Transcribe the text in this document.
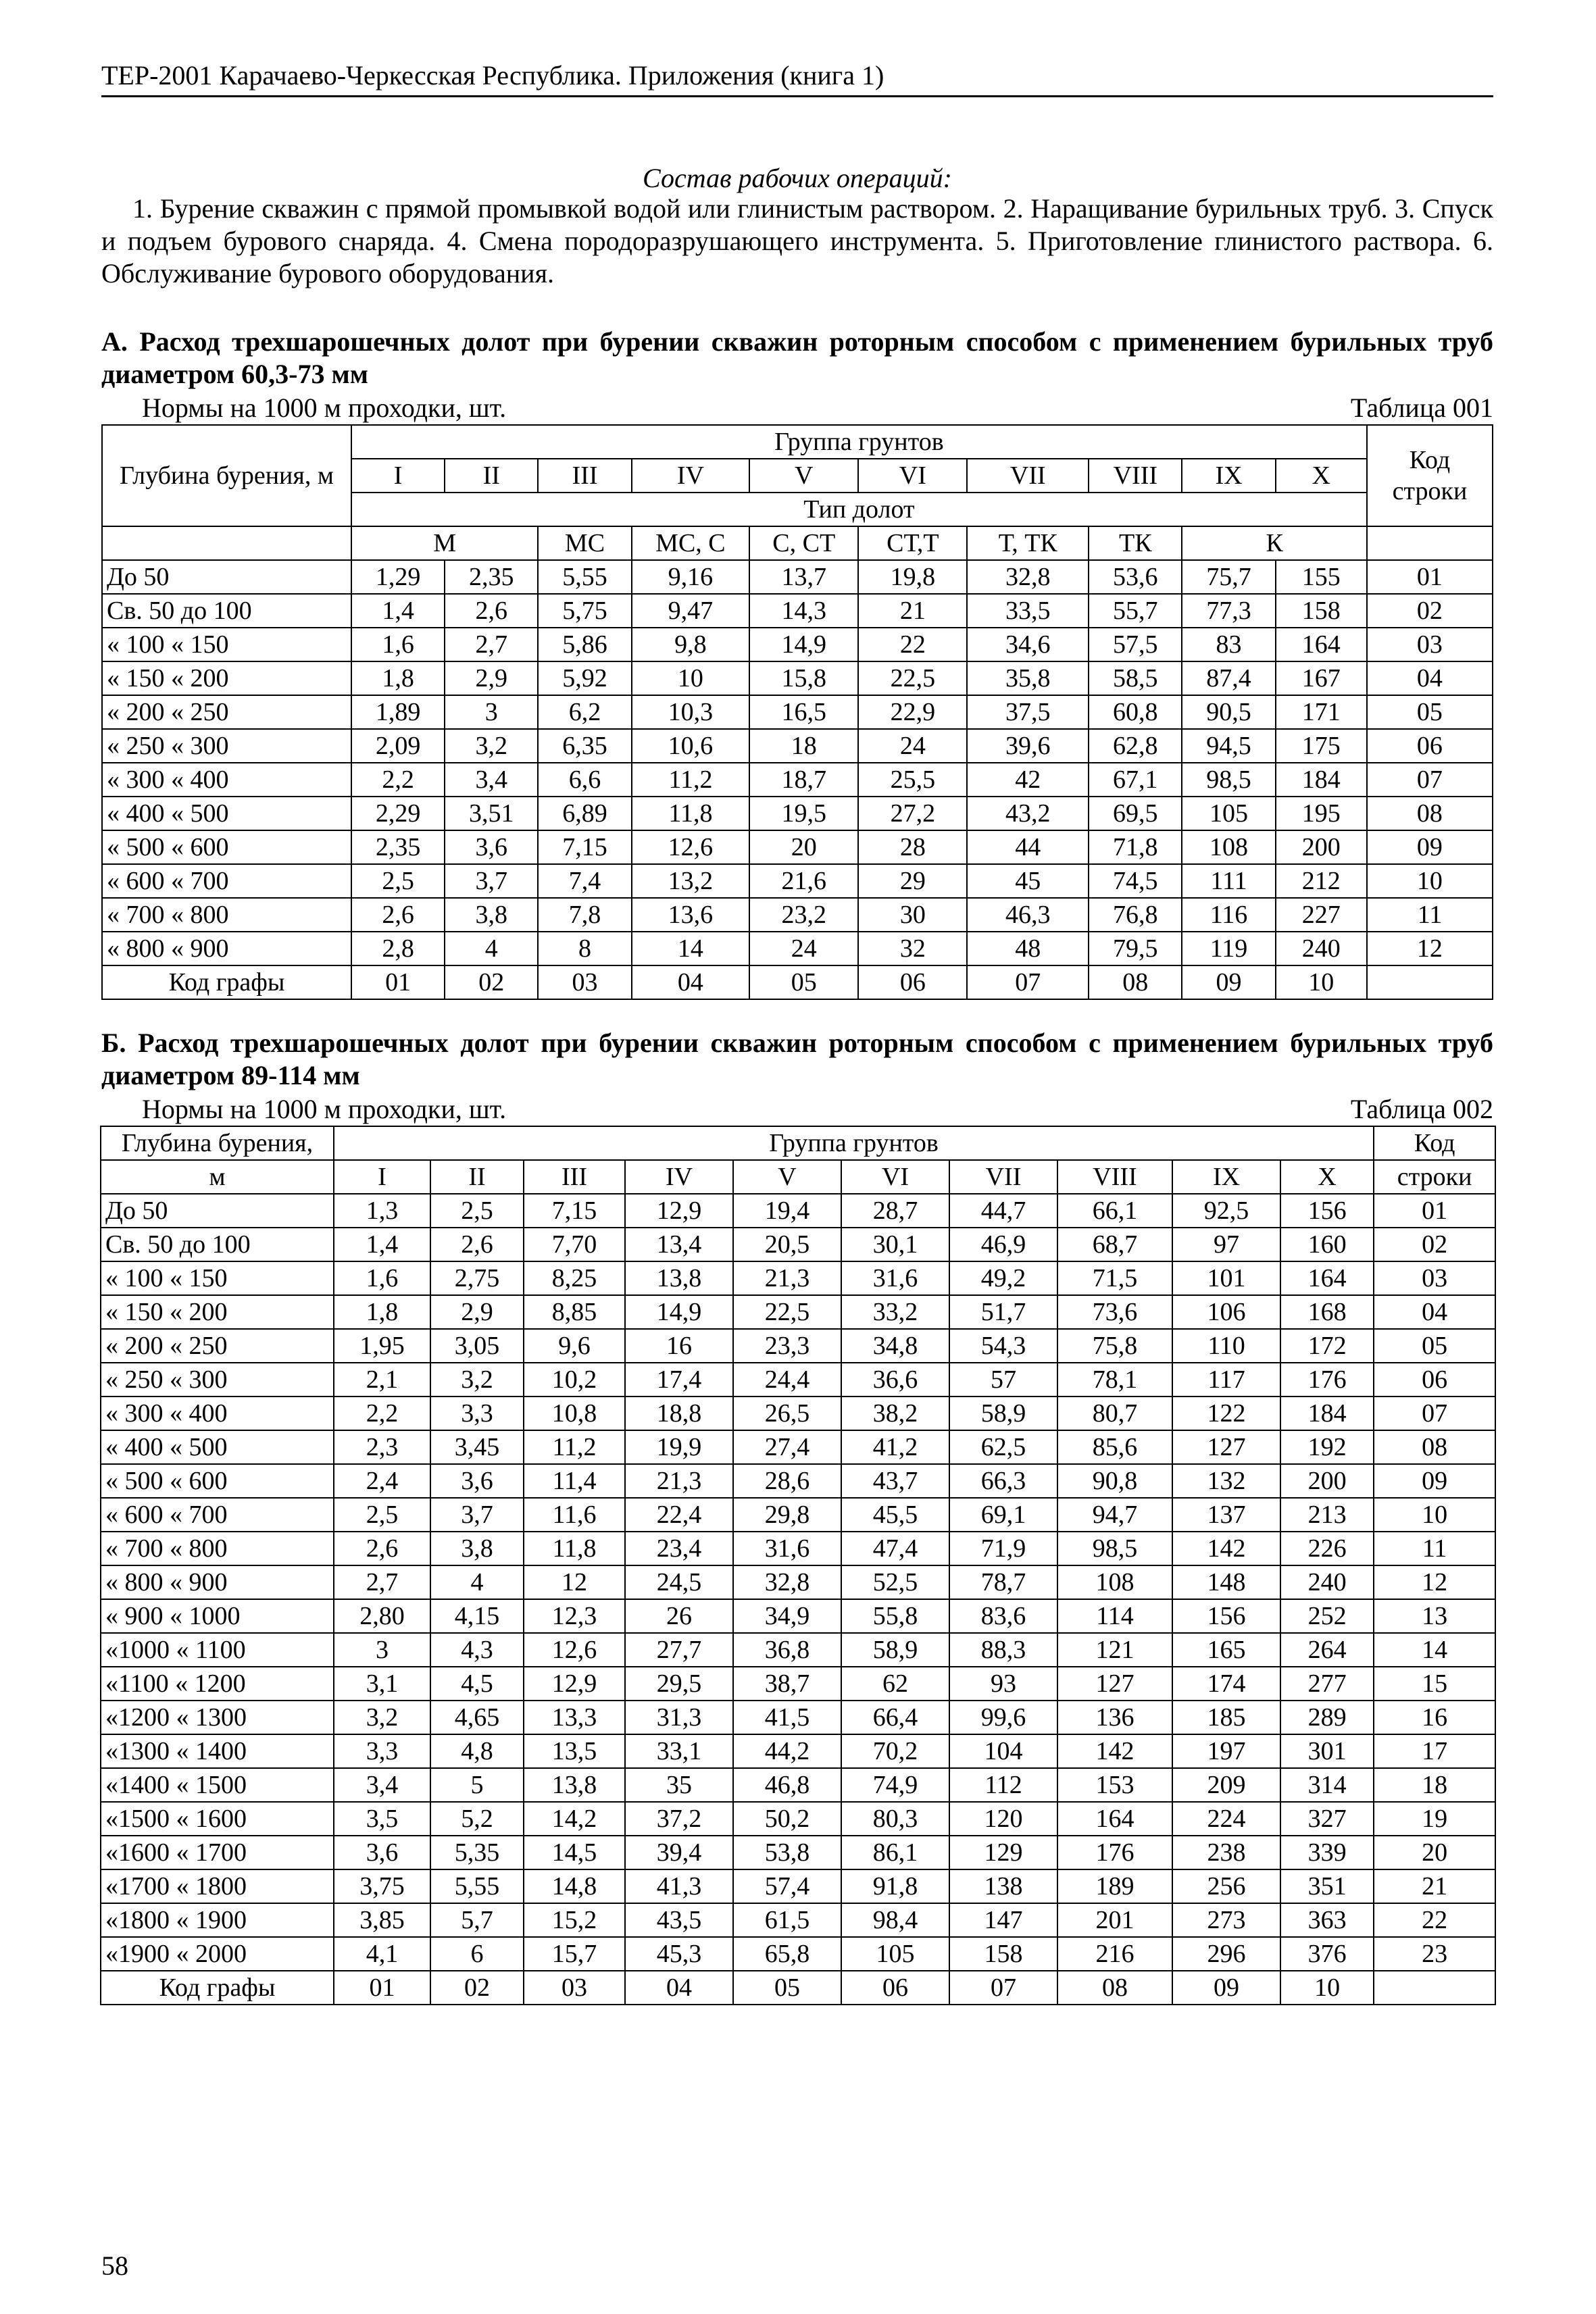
ТЕР-2001 Карачаево-Черкесская Республика. Приложения (книга 1)
Состав рабочих операций:
1. Бурение скважин с прямой промывкой водой или глинистым раствором. 2. Наращивание бурильных труб. 3. Спуск и подъем бурового снаряда. 4. Смена породоразрушающего инструмента. 5. Приготовление глинистого раствора. 6. Обслуживание бурового оборудования.
А. Расход трехшарошечных долот при бурении скважин роторным способом с применением бурильных труб диаметром 60,3-73 мм
Нормы на 1000 м проходки, шт.	Таблица 001
Глубина бурения, м	Группа грунтов										Код строки
	I	II	III	IV	V	VI	VII	VIII	IX	X	
	Тип долот										
	М		МС	МС, С	С, СТ	СТ,Т	Т, ТК	ТК	К		
До 50	1,29	2,35	5,55	9,16	13,7	19,8	32,8	53,6	75,7	155	01
Св. 50 до 100	1,4	2,6	5,75	9,47	14,3	21	33,5	55,7	77,3	158	02
« 100 « 150	1,6	2,7	5,86	9,8	14,9	22	34,6	57,5	83	164	03
« 150 « 200	1,8	2,9	5,92	10	15,8	22,5	35,8	58,5	87,4	167	04
« 200 « 250	1,89	3	6,2	10,3	16,5	22,9	37,5	60,8	90,5	171	05
« 250 « 300	2,09	3,2	6,35	10,6	18	24	39,6	62,8	94,5	175	06
« 300 « 400	2,2	3,4	6,6	11,2	18,7	25,5	42	67,1	98,5	184	07
« 400 « 500	2,29	3,51	6,89	11,8	19,5	27,2	43,2	69,5	105	195	08
« 500 « 600	2,35	3,6	7,15	12,6	20	28	44	71,8	108	200	09
« 600 « 700	2,5	3,7	7,4	13,2	21,6	29	45	74,5	111	212	10
« 700 « 800	2,6	3,8	7,8	13,6	23,2	30	46,3	76,8	116	227	11
« 800 « 900	2,8	4	8	14	24	32	48	79,5	119	240	12
Код графы	01	02	03	04	05	06	07	08	09	10	
Б. Расход трехшарошечных долот при бурении скважин роторным способом с применением бурильных труб диаметром 89-114 мм
Нормы на 1000 м проходки, шт.	Таблица 002
Глубина бурения,	Группа грунтов										Код
м	I	II	III	IV	V	VI	VII	VIII	IX	X	строки
До 50	1,3	2,5	7,15	12,9	19,4	28,7	44,7	66,1	92,5	156	01
Св. 50 до 100	1,4	2,6	7,70	13,4	20,5	30,1	46,9	68,7	97	160	02
« 100 « 150	1,6	2,75	8,25	13,8	21,3	31,6	49,2	71,5	101	164	03
« 150 « 200	1,8	2,9	8,85	14,9	22,5	33,2	51,7	73,6	106	168	04
« 200 « 250	1,95	3,05	9,6	16	23,3	34,8	54,3	75,8	110	172	05
« 250 « 300	2,1	3,2	10,2	17,4	24,4	36,6	57	78,1	117	176	06
« 300 « 400	2,2	3,3	10,8	18,8	26,5	38,2	58,9	80,7	122	184	07
« 400 « 500	2,3	3,45	11,2	19,9	27,4	41,2	62,5	85,6	127	192	08
« 500 « 600	2,4	3,6	11,4	21,3	28,6	43,7	66,3	90,8	132	200	09
« 600 « 700	2,5	3,7	11,6	22,4	29,8	45,5	69,1	94,7	137	213	10
« 700 « 800	2,6	3,8	11,8	23,4	31,6	47,4	71,9	98,5	142	226	11
« 800 « 900	2,7	4	12	24,5	32,8	52,5	78,7	108	148	240	12
« 900 « 1000	2,80	4,15	12,3	26	34,9	55,8	83,6	114	156	252	13
«1000 « 1100	3	4,3	12,6	27,7	36,8	58,9	88,3	121	165	264	14
«1100 « 1200	3,1	4,5	12,9	29,5	38,7	62	93	127	174	277	15
«1200 « 1300	3,2	4,65	13,3	31,3	41,5	66,4	99,6	136	185	289	16
«1300 « 1400	3,3	4,8	13,5	33,1	44,2	70,2	104	142	197	301	17
«1400 « 1500	3,4	5	13,8	35	46,8	74,9	112	153	209	314	18
«1500 « 1600	3,5	5,2	14,2	37,2	50,2	80,3	120	164	224	327	19
«1600 « 1700	3,6	5,35	14,5	39,4	53,8	86,1	129	176	238	339	20
«1700 « 1800	3,75	5,55	14,8	41,3	57,4	91,8	138	189	256	351	21
«1800 « 1900	3,85	5,7	15,2	43,5	61,5	98,4	147	201	273	363	22
«1900 « 2000	4,1	6	15,7	45,3	65,8	105	158	216	296	376	23
Код графы	01	02	03	04	05	06	07	08	09	10	
58
